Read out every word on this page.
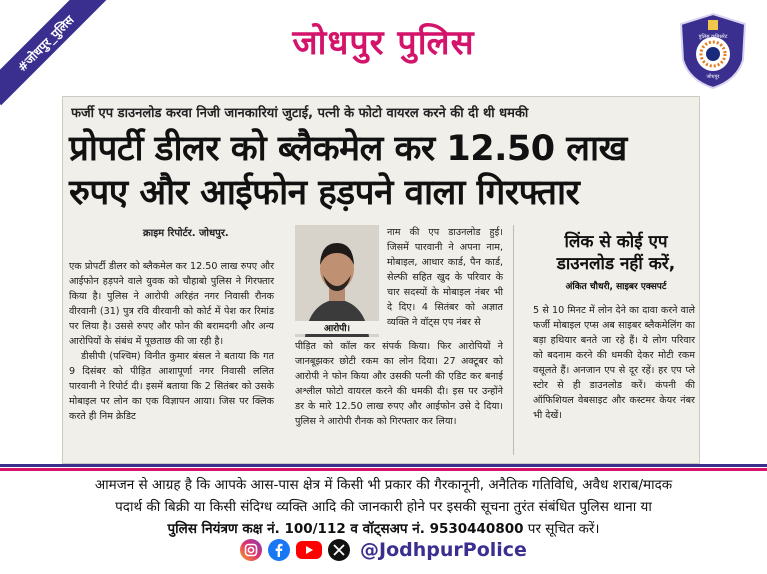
#जोधपुर_पुलिस	जोधपुर पुलिस	पुलिस कमिश्नरेट
जोधपुर
फर्जी एप डाउनलोड करवा निजी जानकारियां जुटाई, पत्नी के फोटो वायरल करने की दी थी धमकी
प्रोपर्टी डीलर को ब्लैकमेल कर 12.50 लाख
रुपए और आईफोन हड़पने वाला गिरफ्तार
क्राइम रिपोर्टर. जोधपुर.
एक प्रोपर्टी डीलर को ब्लैकमेल कर 12.50 लाख रुपए और आईफोन हड़पने वाले युवक को चौहाबो पुलिस ने गिरफ्तार किया है। पुलिस ने आरोपी अरिहंत नगर निवासी रौनक वीरवानी (31) पुत्र रवि वीरवानी को कोर्ट में पेश कर रिमांड पर लिया है। उससे रुपए और फोन की बरामदगी और अन्य आरोपियों के संबंध में पूछताछ की जा रही है।
डीसीपी (पश्चिम) विनीत कुमार बंसल ने बताया कि गत 9 दिसंबर को पीड़ित आशापूर्णा नगर निवासी ललित पारवानी ने रिपोर्ट दी। इसमें बताया कि 2 सितंबर को उसके मोबाइल पर लोन का एक विज्ञापन आया। जिस पर क्लिक करते ही निम क्रेडिट
आरोपी।
नाम की एप डाउनलोड हुई। जिसमें पारवानी ने अपना नाम, मोबाइल, आधार कार्ड, पैन कार्ड, सेल्फी सहित खुद के परिवार के चार सदस्यों के मोबाइल नंबर भी दे दिए। 4 सितंबर को अज्ञात व्यक्ति ने वॉट्स एप नंबर से
पीड़ित को कॉल कर संपर्क किया। फिर आरोपियों ने जानबूझकर छोटी रकम का लोन दिया। 27 अक्टूबर को आरोपी ने फोन किया और उसकी पत्नी की एडिट कर बनाई अश्लील फोटो वायरल करने की धमकी दी। इस पर उन्होंने डर के मारे 12.50 लाख रुपए और आईफोन उसे दे दिया। पुलिस ने आरोपी रौनक को गिरफ्तार कर लिया।
लिंक से कोई एप डाउनलोड नहीं करें,
अंकित चौधरी, साइबर एक्सपर्ट
5 से 10 मिनट में लोन देने का दावा करने वाले फर्जी मोबाइल एप्स अब साइबर ब्लैकमेलिंग का बड़ा हथियार बनते जा रहे हैं। ये लोग परिवार को बदनाम करने की धमकी देकर मोटी रकम वसूलते हैं। अनजान एप से दूर रहें। हर एप प्ले स्टोर से ही डाउनलोड करें। कंपनी की ऑफिशियल वेबसाइट और कस्टमर केयर नंबर भी देखें।
आमजन से आग्रह है कि आपके आस-पास क्षेत्र में किसी भी प्रकार की गैरकानूनी, अनैतिक गतिविधि, अवैध शराब/मादक
पदार्थ की बिक्री या किसी संदिग्ध व्यक्ति आदि की जानकारी होने पर इसकी सूचना तुरंत संबंधित पुलिस थाना या
पुलिस नियंत्रण कक्ष नं. 100/112 व वॉट्सअप नं. 9530440800 पर सूचित करें।
@JodhpurPolice
